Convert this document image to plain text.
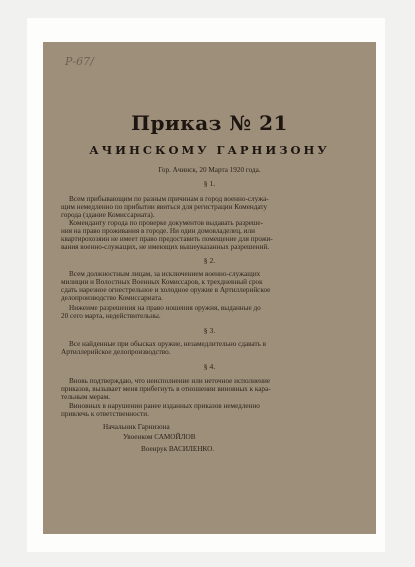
Р-67/
Приказ № 21
АЧИНСКОМУ ГАРНИЗОНУ
Гор. Ачинск, 20 Марта 1920 года.
§ 1.
Всем прибывающим по разным причинам в город военно-служа-
щим немедленно по прибытии явиться для регистрации Комендату
города (здание Комиссариата).
Коменданту города по проверке документов выдавать разреше-
ния на право проживания в городе. Ни один домовладелец, или
квартирохозяин не имеет право предоставить помещение для прожи-
вания военно-служащих, не имеющих вышеуказанных разрешений.
§ 2.
Всем должностным лицам, за исключением военно-служащих
милиции и Волостных Военных Комиссаров, к трехдневный срок
сдать нарезное огнестрельное и холодное оружие в Артиллерийское
делопроизводство Комиссариата.
Нижеиме разрешения на право ношения оружия, выданные до
20 сего марта, недействительны.
§ 3.
Все найденные при обысках оружие, незамедлительно сдавать в
Артиллерийское делопроизводство.
§ 4.
Вновь подтверждаю, что неисполнение или неточное исполнение
приказов, вызывает меня прибегнуть в отношении виновных к кара-
тельным мерам.
Виновных в нарушении ранее изданных приказов немедленно
привлечь к ответственности.
Начальник Гарнизона
Увоенком САМОЙЛОВ
Военрук ВАСИЛЕНКО.
